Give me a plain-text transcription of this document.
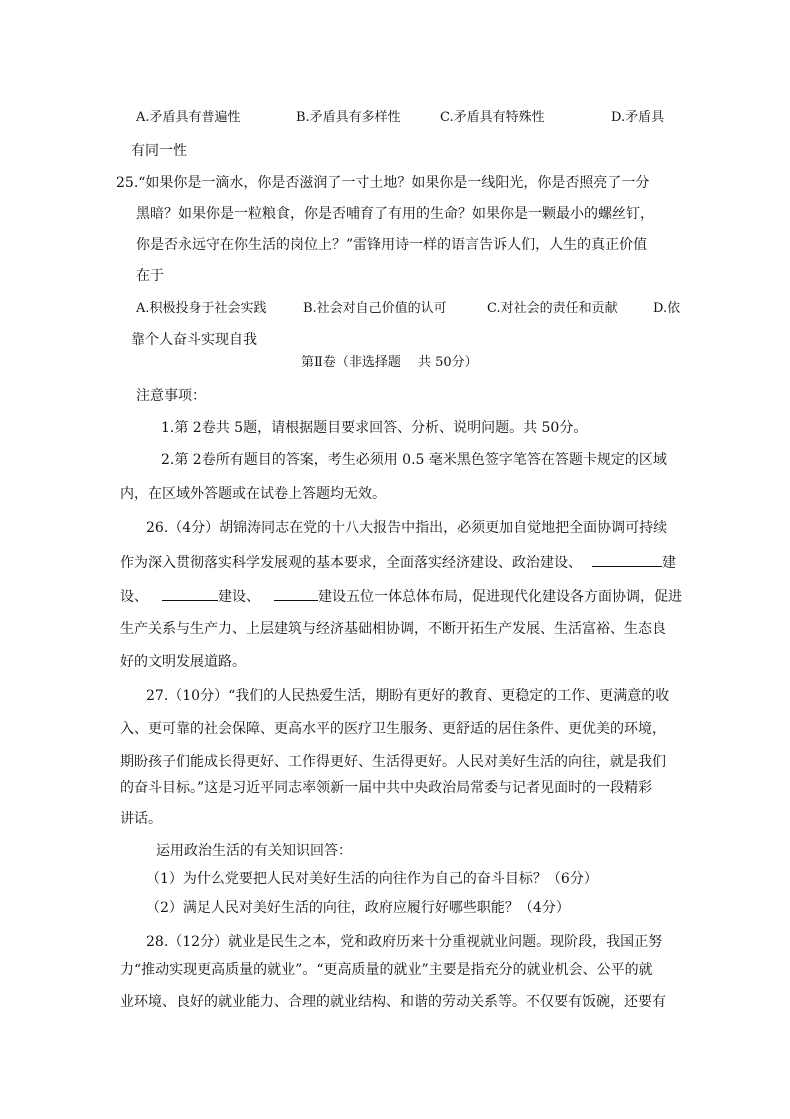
A.矛盾具有普遍性	B.矛盾具有多样性	C.矛盾具有特殊性	D.矛盾具
有同一性
25.“如果你是一滴水，你是否滋润了一寸土地？如果你是一线阳光，你是否照亮了一分
黑暗？如果你是一粒粮食，你是否哺育了有用的生命？如果你是一颗最小的螺丝钉，
你是否永远守在你生活的岗位上？”雷锋用诗一样的语言告诉人们，人生的真正价值
在于
A.积极投身于社会实践	B.社会对自己价值的认可	C.对社会的责任和贡献	D.依
靠个人奋斗实现自我
第Ⅱ卷（非选择题　 共 50分）
注意事项：
1.第 2卷共 5题，请根据题目要求回答、分析、说明问题。共 50分。
2.第 2卷所有题目的答案，考生必须用 0.5 毫米黑色签字笔答在答题卡规定的区域
内，在区域外答题或在试卷上答题均无效。
26.（4分）胡锦涛同志在党的十八大报告中指出，必须更加自觉地把全面协调可持续
作为深入贯彻落实科学发展观的基本要求，全面落实经济建设、政治建设、	建
设、	建设、	建设五位一体总体布局，促进现代化建设各方面协调，促进
生产关系与生产力、上层建筑与经济基础相协调，不断开拓生产发展、生活富裕、生态良
好的文明发展道路。
27.（10分）“我们的人民热爱生活，期盼有更好的教育、更稳定的工作、更满意的收
入、更可靠的社会保障、更高水平的医疗卫生服务、更舒适的居住条件、更优美的环境，
期盼孩子们能成长得更好、工作得更好、生活得更好。人民对美好生活的向往，就是我们
的奋斗目标。”这是习近平同志率领新一届中共中央政治局常委与记者见面时的一段精彩
讲话。
运用政治生活的有关知识回答：
（1）为什么党要把人民对美好生活的向往作为自己的奋斗目标？（6分）
（2）满足人民对美好生活的向往，政府应履行好哪些职能？（4分）
28.（12分）就业是民生之本，党和政府历来十分重视就业问题。现阶段，我国正努
力“推动实现更高质量的就业”。“更高质量的就业”主要是指充分的就业机会、公平的就
业环境、良好的就业能力、合理的就业结构、和谐的劳动关系等。不仅要有饭碗，还要有
